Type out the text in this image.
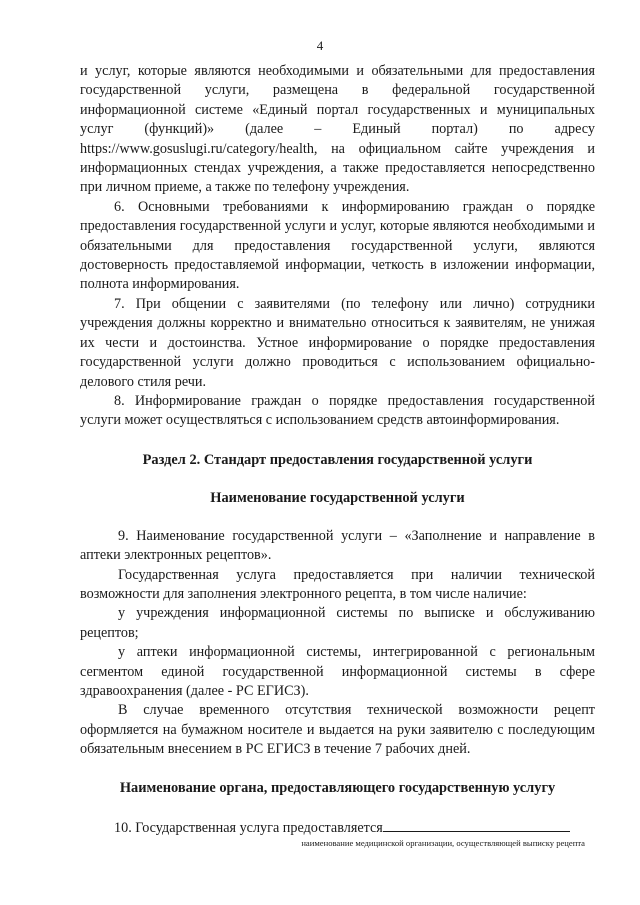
4

и услуг, которые являются необходимыми и обязательными для предоставления государственной услуги, размещена в федеральной государственной информационной системе «Единый портал государственных и муниципальных услуг (функций)» (далее – Единый портал) по адресу https://www.gosuslugi.ru/category/health, на официальном сайте учреждения и информационных стендах учреждения, а также предоставляется непосредственно при личном приеме, а также по телефону учреждения.

6. Основными требованиями к информированию граждан о порядке предоставления государственной услуги и услуг, которые являются необходимыми и обязательными для предоставления государственной услуги, являются достоверность предоставляемой информации, четкость в изложении информации, полнота информирования.

7. При общении с заявителями (по телефону или лично) сотрудники учреждения должны корректно и внимательно относиться к заявителям, не унижая их чести и достоинства. Устное информирование о порядке предоставления государственной услуги должно проводиться с использованием официально-делового стиля речи.

8. Информирование граждан о порядке предоставления государственной услуги может осуществляться с использованием средств автоинформирования.

Раздел 2. Стандарт предоставления государственной услуги
Наименование государственной услуги

9. Наименование государственной услуги – «Заполнение и направление в аптеки электронных рецептов».

Государственная услуга предоставляется при наличии технической возможности для заполнения электронного рецепта, в том числе наличие:

у учреждения информационной системы по выписке и обслуживанию рецептов;

у аптеки информационной системы, интегрированной с региональным сегментом единой государственной информационной системы в сфере здравоохранения (далее - РС ЕГИСЗ).

В случае временного отсутствия технической возможности рецепт оформляется на бумажном носителе и выдается на руки заявителю с последующим обязательным внесением в РС ЕГИСЗ в течение 7 рабочих дней.

Наименование органа, предоставляющего государственную услугу

10. Государственная услуга предоставляется

наименование медицинской организации, осуществляющей выписку рецепта
